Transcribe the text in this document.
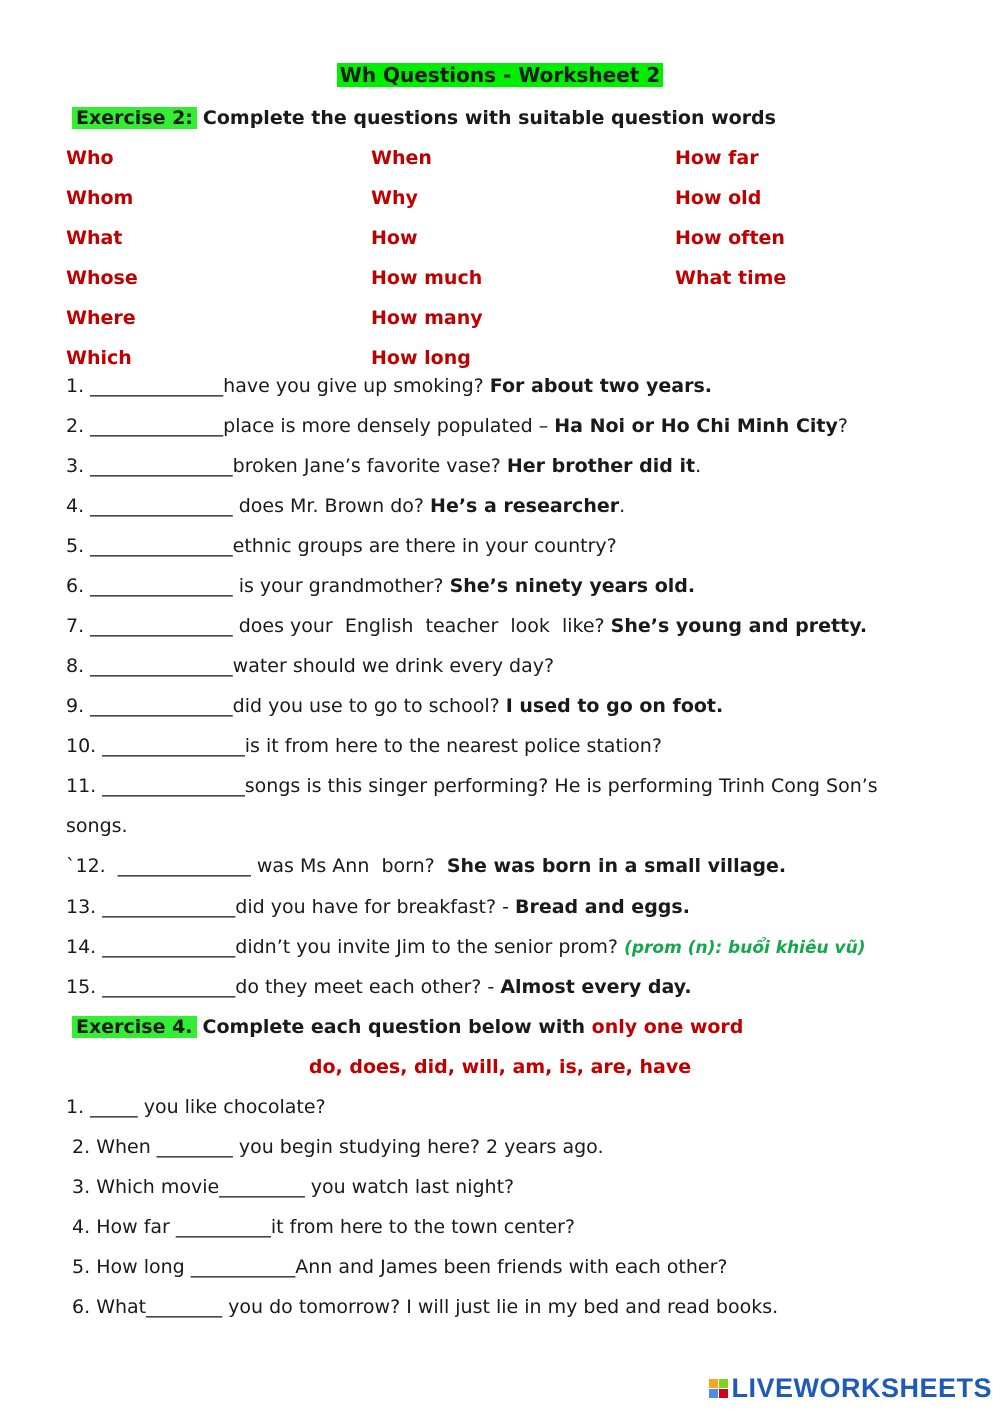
Wh Questions - Worksheet 2
Exercise 2: Complete the questions with suitable question words
Who
Whom
What
Whose
Where
Which
When
Why
How
How much
How many
How long
How far
How old
How often
What time
1. ______________have you give up smoking? For about two years.
2. ______________place is more densely populated – Ha Noi or Ho Chi Minh City?
3. _______________broken Jane’s favorite vase? Her brother did it.
4. _______________ does Mr. Brown do? He’s a researcher.
5. _______________ethnic groups are there in your country?
6. _______________ is your grandmother? She’s ninety years old.
7. _______________ does your  English  teacher  look  like? She’s young and pretty.
8. _______________water should we drink every day?
9. _______________did you use to go to school? I used to go on foot.
10. _______________is it from here to the nearest police station?
11. _______________songs is this singer performing? He is performing Trinh Cong Son’s
songs.
`12.  ______________ was Ms Ann  born?  She was born in a small village.
13. ______________did you have for breakfast? - Bread and eggs.
14. ______________didn’t you invite Jim to the senior prom? (prom (n): buổi khiêu vũ)
15. ______________do they meet each other? - Almost every day.
Exercise 4. Complete each question below with only one word
do, does, did, will, am, is, are, have
1. _____ you like chocolate?
2. When ________ you begin studying here? 2 years ago.
3. Which movie_________ you watch last night?
4. How far __________it from here to the town center?
5. How long ___________Ann and James been friends with each other?
6. What________ you do tomorrow? I will just lie in my bed and read books.
LIVEWORKSHEETS
